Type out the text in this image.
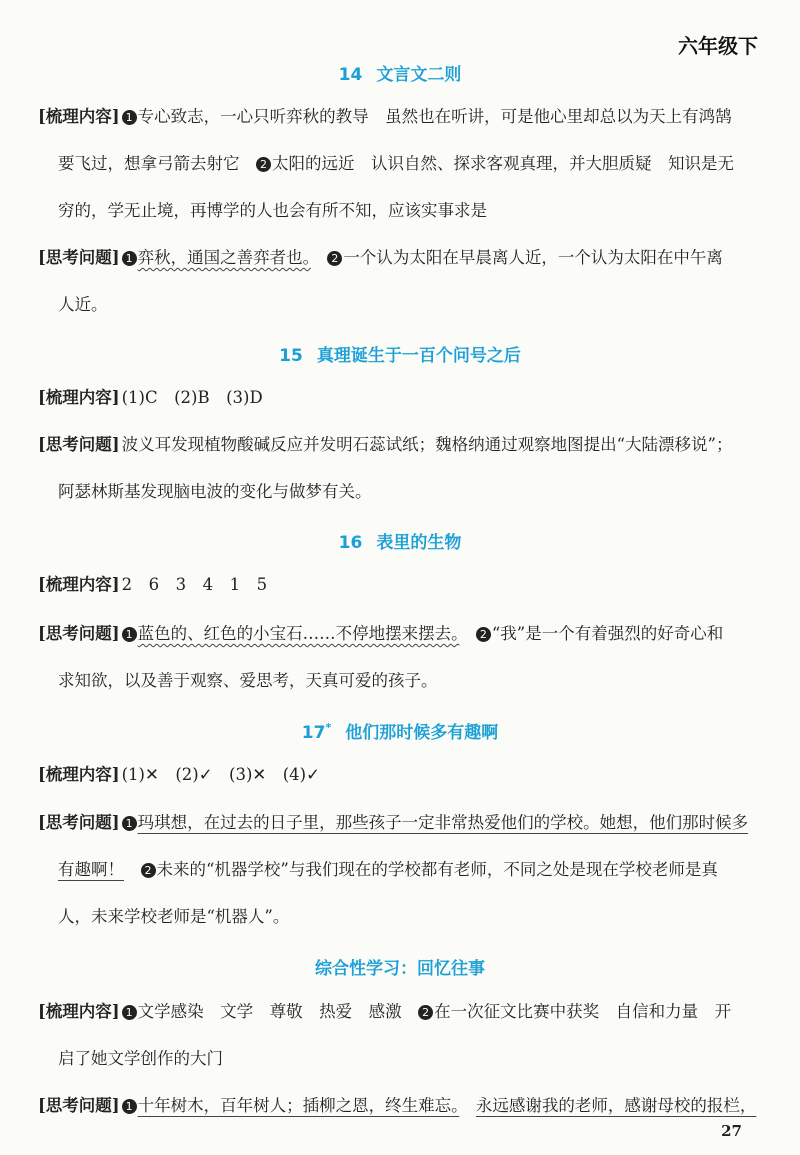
六年级下
14 文言文二则
[梳理内容] 1 专心致志，一心只听弈秋的教导　虽然也在听讲，可是他心里却总以为天上有鸿鹄
要飞过，想拿弓箭去射它　2 太阳的远近　认识自然、探求客观真理，并大胆质疑　知识是无
穷的，学无止境，再博学的人也会有所不知，应该实事求是
[思考问题] 1 弈秋，通国之善弈者也。　 2 一个认为太阳在早晨离人近，一个认为太阳在中午离
人近。
15 真理诞生于一百个问号之后
[梳理内容] (1)C　(2)B　(3)D
[思考问题] 波义耳发现植物酸碱反应并发明石蕊试纸；魏格纳通过观察地图提出“大陆漂移说”；
阿瑟林斯基发现脑电波的变化与做梦有关。
16 表里的生物
[梳理内容] 2　6　3　4　1　5
[思考问题] 1 蓝色的、红色的小宝石……不停地摆来摆去。　 2 “我”是一个有着强烈的好奇心和
求知欲，以及善于观察、爱思考，天真可爱的孩子。
17* 他们那时候多有趣啊
[梳理内容] (1)✕　(2)✓　(3)✕　(4)✓
[思考问题] 1 玛琪想，在过去的日子里，那些孩子一定非常热爱他们的学校。她想，他们那时候多
有趣啊！　 2 未来的“机器学校”与我们现在的学校都有老师，不同之处是现在学校老师是真
人，未来学校老师是“机器人”。
综合性学习：回忆往事
[梳理内容] 1 文学感染　文学　尊敬　热爱　感激　2 在一次征文比赛中获奖　自信和力量　开
启了她文学创作的大门
[思考问题] 1 十年树木，百年树人；插柳之恩，终生难忘。　 永远感谢我的老师，感谢母校的报栏，
27
